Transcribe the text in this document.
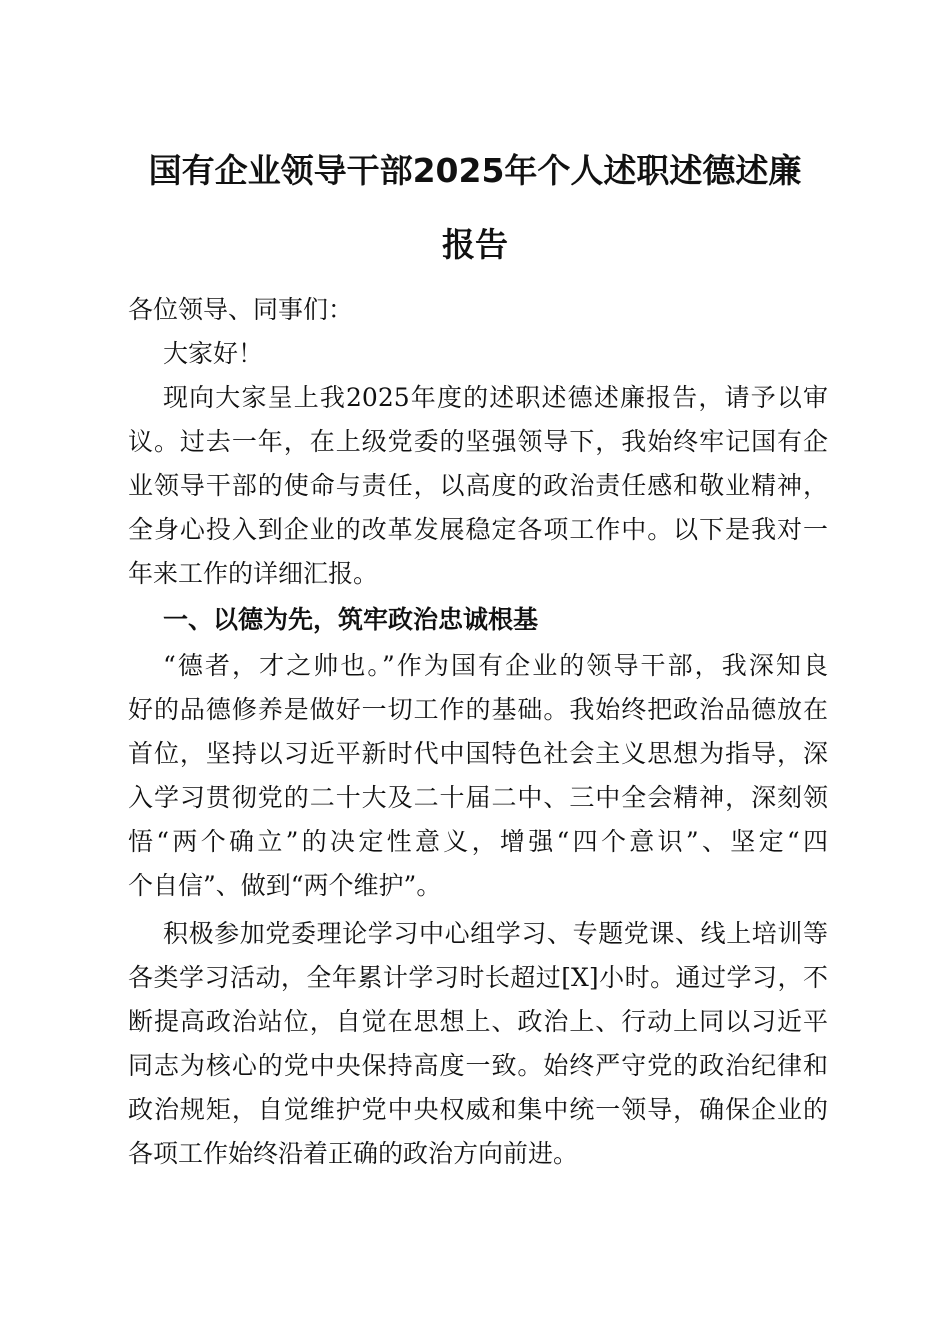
国有企业领导干部2025年个人述职述德述廉
报告
各位领导、同事们：
大家好！
现向大家呈上我2025年度的述职述德述廉报告，请予以审
议。过去一年，在上级党委的坚强领导下，我始终牢记国有企
业领导干部的使命与责任，以高度的政治责任感和敬业精神，
全身心投入到企业的改革发展稳定各项工作中。以下是我对一
年来工作的详细汇报。
一、以德为先，筑牢政治忠诚根基
“德者，才之帅也。”作为国有企业的领导干部，我深知良
好的品德修养是做好一切工作的基础。我始终把政治品德放在
首位，坚持以习近平新时代中国特色社会主义思想为指导，深
入学习贯彻党的二十大及二十届二中、三中全会精神，深刻领
悟“两个确立”的决定性意义，增强“四个意识”、坚定“四
个自信”、做到“两个维护”。
积极参加党委理论学习中心组学习、专题党课、线上培训等
各类学习活动，全年累计学习时长超过[X]小时。通过学习，不
断提高政治站位，自觉在思想上、政治上、行动上同以习近平
同志为核心的党中央保持高度一致。始终严守党的政治纪律和
政治规矩，自觉维护党中央权威和集中统一领导，确保企业的
各项工作始终沿着正确的政治方向前进。
